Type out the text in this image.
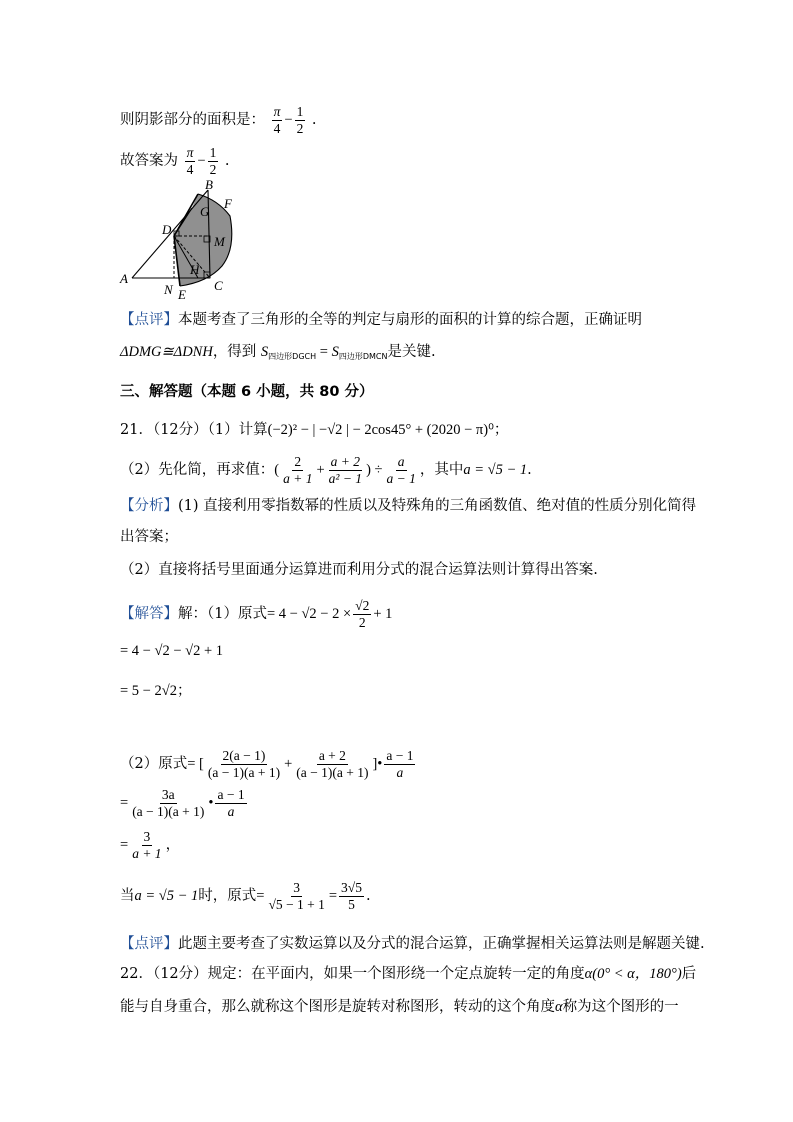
则阴影部分的面积是： $\frac{\pi}{4} - \frac{1}{2}$ .
故答案为 $\frac{\pi}{4} - \frac{1}{2}$ .
A
B
C
D
E
F
G
H
M
N
【点评】本题考查了三角形的全等的判定与扇形的面积的计算的综合题，正确证明
ΔDMG≅ΔDNH，得到 $S_{四边形DGCH} = S_{四边形DMCN}$是关键.
三、解答题（本题 6 小题，共 80 分）
21．（12分）（1）计算(−2)² − | −√2 | − 2cos45° + (2020 − π)⁰；
（2）先化简，再求值：( $\frac{2}{a + 1} + \frac{a + 2}{\text{a² − 1}}$ ) ÷ $\frac{a}{a - 1}$ ，其中a = √5 − 1.
【分析】(1) 直接利用零指数幂的性质以及特殊角的三角函数值、绝对值的性质分别化简得
出答案；
（2）直接将括号里面通分运算进而利用分式的混合运算法则计算得出答案.
【解答】解：（1）原式= $4 - √2 - 2 \times \frac{√2}{2} + 1$
= 4 − √2 − √2 + 1
= 5 − 2√2；
（2）原式= [ $\frac{2(a - 1)}{(a - 1)(a + 1)} + \frac{a + 2}{(a - 1)(a + 1)}$ ]• $\frac{a - 1}{a}$
= $\frac{3a}{(a - 1)(a + 1)}$ • $\frac{a - 1}{a}$
= $\frac{3}{a + 1}$ ，
当a = √5 − 1时，原式= $\frac{3}{√5 - 1 + 1} = \frac{3√5}{5}$ .
【点评】此题主要考查了实数运算以及分式的混合运算，正确掌握相关运算法则是解题关键.
22．（12分）规定：在平面内，如果一个图形绕一个定点旋转一定的角度α(0° < α，180°)后
能与自身重合，那么就称这个图形是旋转对称图形，转动的这个角度α称为这个图形的一
